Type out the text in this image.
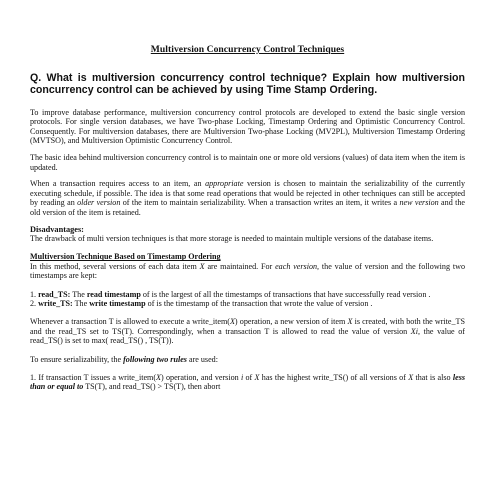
Multiversion Concurrency Control Techniques
Q. What is multiversion concurrency control technique? Explain how multiversion concurrency control can be achieved by using Time Stamp Ordering.

To improve database performance, multiversion concurrency control protocols are developed to extend the basic single version protocols. For single version databases, we have Two-phase Locking, Timestamp Ordering and Optimistic Concurrency Control. Consequently. For multiversion databases, there are Multiversion Two-phase Locking (MV2PL), Multiversion Timestamp Ordering (MVTSO), and Multiversion Optimistic Concurrency Control.

The basic idea behind multiversion concurrency control is to maintain one or more old versions (values) of data item when the item is updated.

When a transaction requires access to an item, an appropriate version is chosen to maintain the serializability of the currently executing schedule, if possible. The idea is that some read operations that would be rejected in other techniques can still be accepted by reading an older version of the item to maintain serializability. When a transaction writes an item, it writes a new version and the old version of the item is retained.

Disadvantages:

The drawback of multi version techniques is that more storage is needed to maintain multiple versions of the database items.

Multiversion Technique Based on Timestamp Ordering

In this method, several versions of each data item X are maintained. For each version, the value of version and the following two timestamps are kept:

1. read_TS: The read timestamp of is the largest of all the timestamps of transactions that have successfully read version .

2. write_TS: The write timestamp of is the timestamp of the transaction that wrote the value of version .

Whenever a transaction T is allowed to execute a write_item(X) operation, a new version of item X is created, with both the write_TS and the read_TS set to TS(T). Correspondingly, when a transaction T is allowed to read the value of version Xi, the value of read_TS() is set to max( read_TS() , TS(T)).

To ensure serializability, the following two rules are used:

1. If transaction T issues a write_item(X) operation, and version i of X has the highest write_TS() of all versions of X that is also less than or equal to TS(T), and read_TS() > TS(T), then abort
